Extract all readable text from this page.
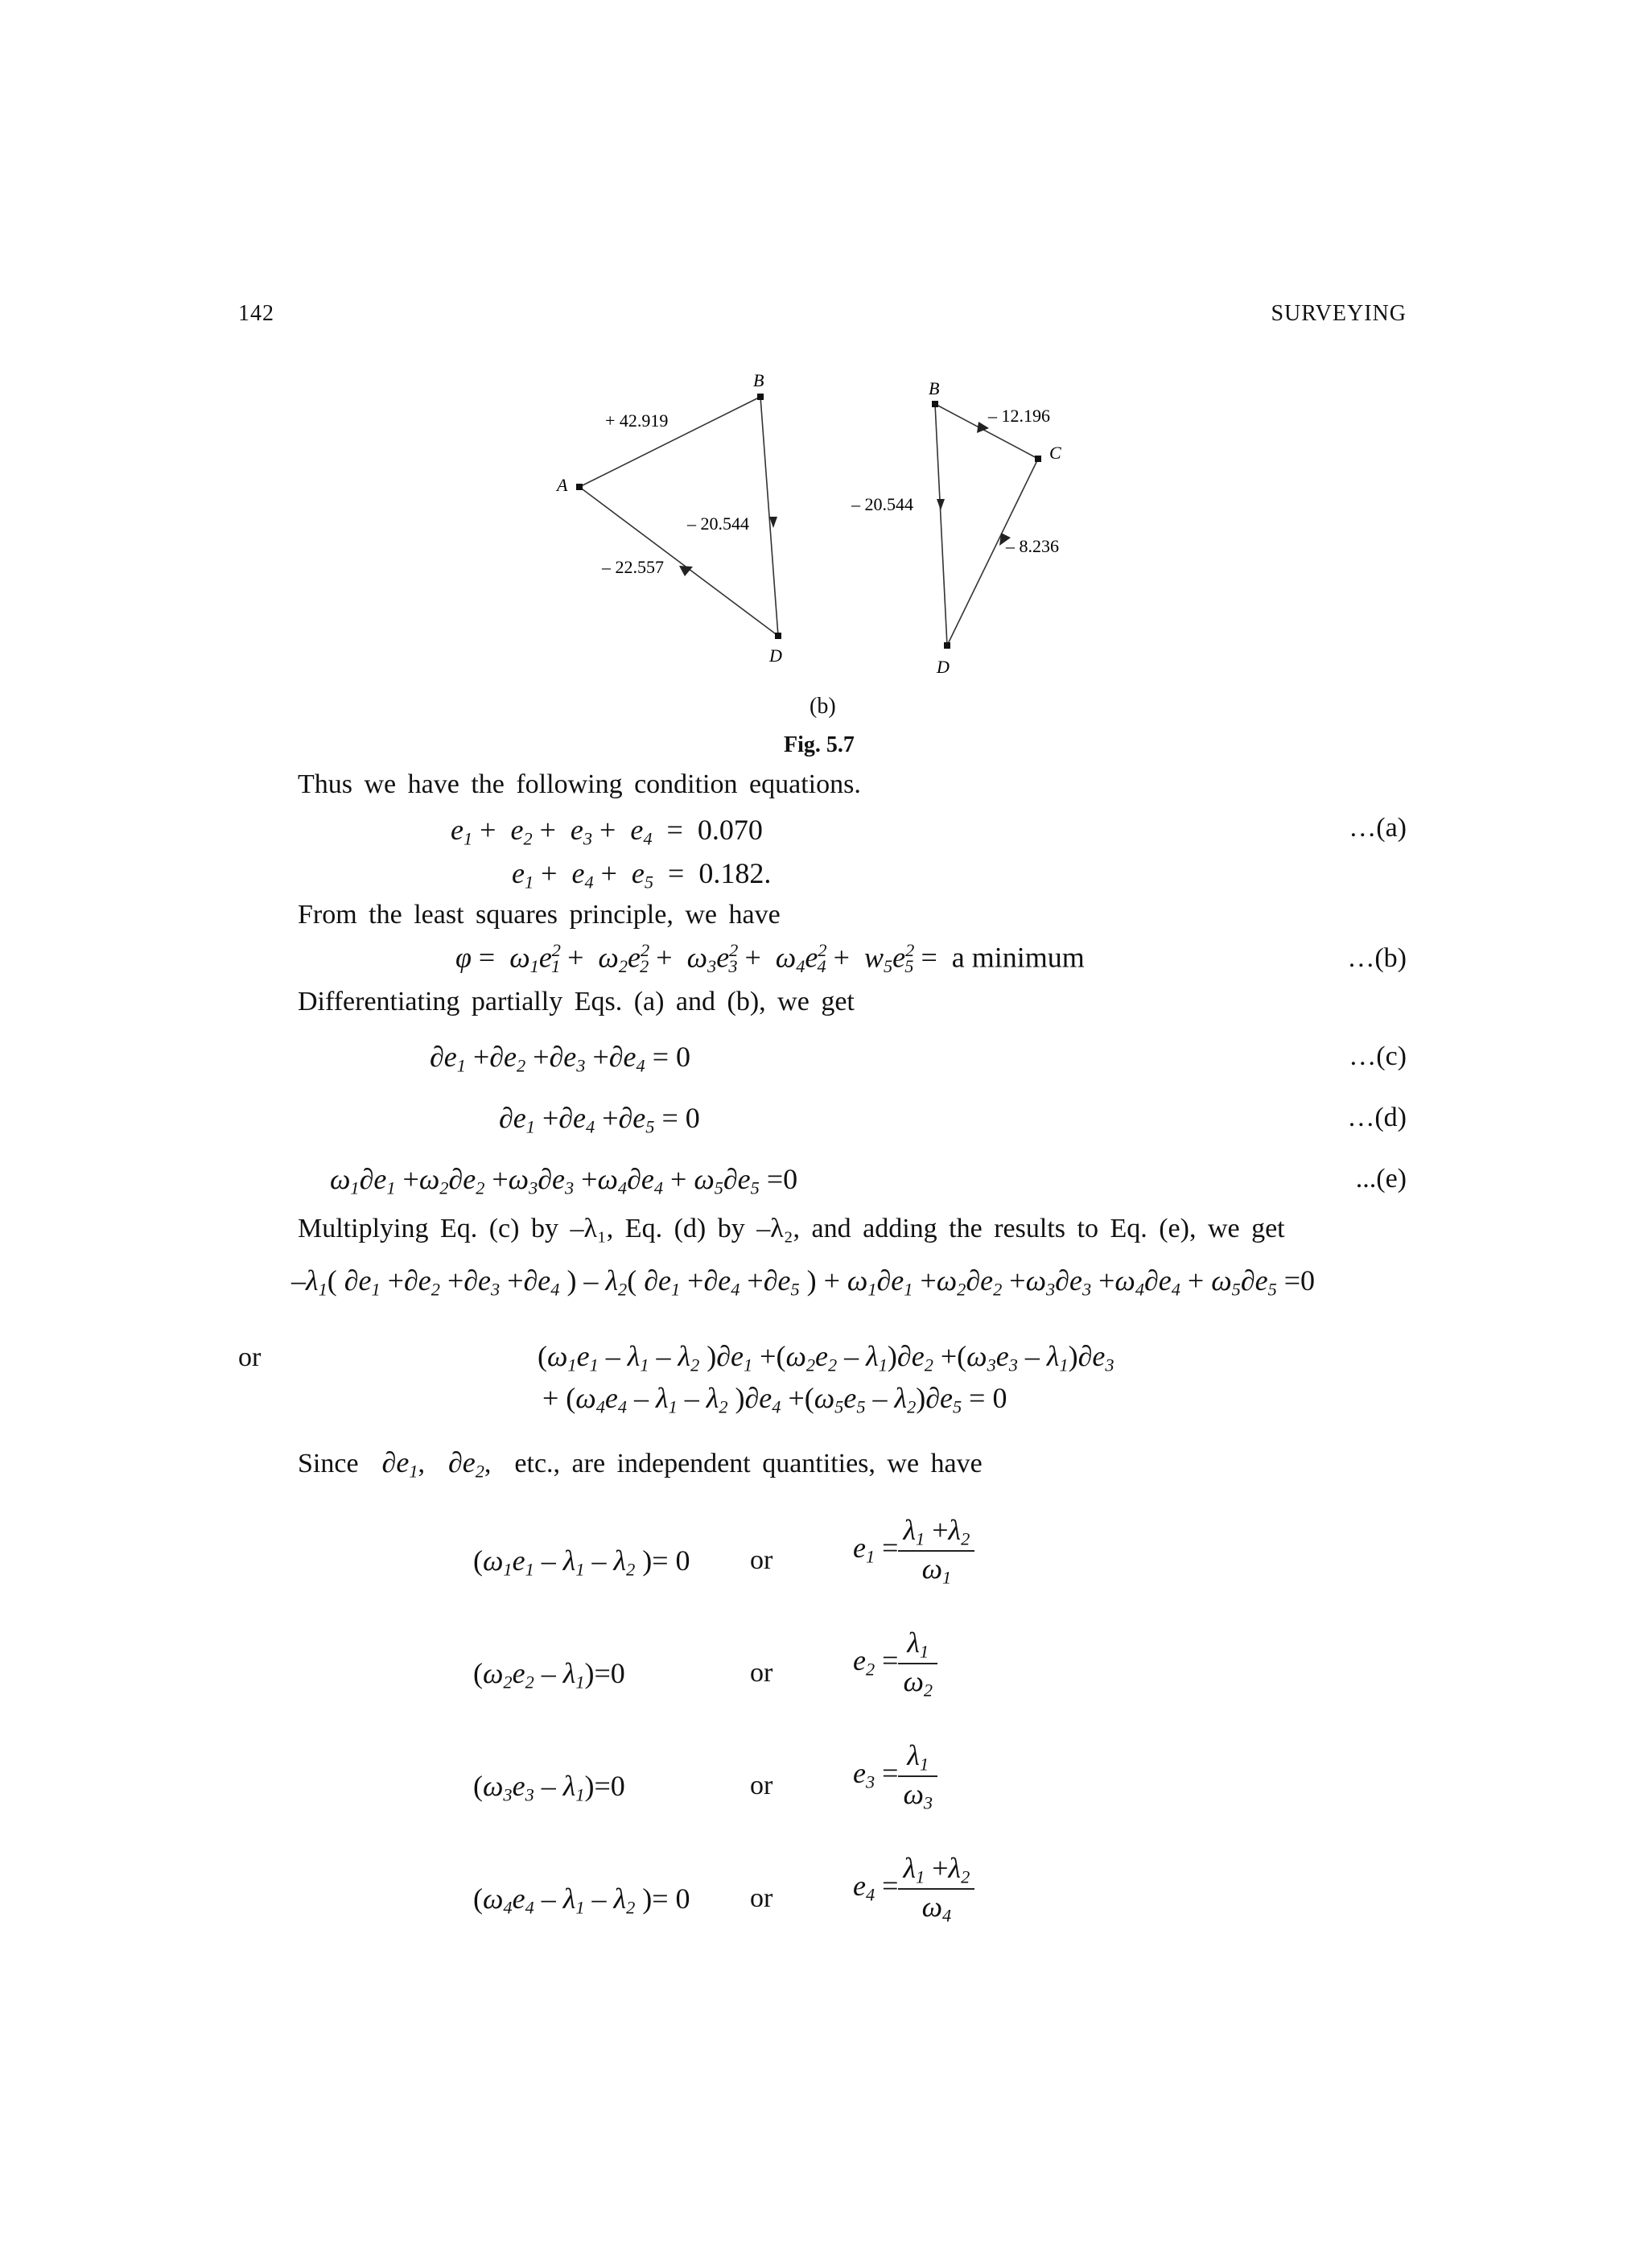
142	SURVEYING
A
B
D
+ 42.919
– 20.544
– 22.557
B
C
D
– 12.196
– 8.236
– 20.544
(b)
Fig. 5.7
Thus we have the following condition equations.
$e_1 + e_2 + e_3 + e_4 = 0.070$	…(a)
$e_1 + e_4 + e_5 = 0.182$.
From the least squares principle, we have
$\varphi = \omega_1e^2_1 + \omega_2e^2_2 + \omega_3e^2_3 + \omega_4e^2_4 + w_5e^2_5 = a$ minimum	…(b)
Differentiating partially Eqs. (a) and (b), we get
$\partial e_1 +\partial e_2 +\partial e_3 +\partial e_4 = 0$	…(c)
$\partial e_1 +\partial e_4 +\partial e_5 = 0$	…(d)
$\omega_1\partial e_1 +\omega_2\partial e_2 +\omega_3\partial e_3 +\omega_4\partial e_4 + \omega_5\partial e_5 =0$	...(e)
Multiplying Eq. (c) by –λ₁, Eq. (d) by –λ₂, and adding the results to Eq. (e), we get
$-\lambda_1$( $\partial e_1 +\partial e_2 +\partial e_3 +\partial e_4$ ) – $\lambda_2$( $\partial e_1 +\partial e_4 +\partial e_5$ ) + $\omega_1\partial e_1 +\omega_2\partial e_2 +\omega_3\partial e_3 +\omega_4\partial e_4 + \omega_5\partial e_5 =0$
or	($\omega_1e_1 - \lambda_1 - \lambda_2$ )$\partial e_1 +(\omega_2e_2 - \lambda_1)\partial e_2 +(\omega_3e_3 - \lambda_1)\partial e_3$
+ ($\omega_4e_4 - \lambda_1 - \lambda_2$ )$\partial e_4 +(\omega_5e_5 - \lambda_2)\partial e_5 = 0$
Since $\partial e_1$,  $\partial e_2$,  etc., are independent quantities, we have
($\omega_1e_1 - \lambda_1 - \lambda_2$ )= 0 or	$e_1 = \frac{\lambda_1 +\lambda_2}{\omega_1}$
$(\omega_2e_2 - \lambda_1)=0$	or	$e_2 = \frac{\lambda_1}{\omega_2}$
$(\omega_3e_3 - \lambda_1)=0$	or	$e_3 = \frac{\lambda_1}{\omega_3}$
($\omega_4e_4 - \lambda_1 - \lambda_2$ )= 0 or	$e_4 = \frac{\lambda_1 +\lambda_2}{\omega_4}$
